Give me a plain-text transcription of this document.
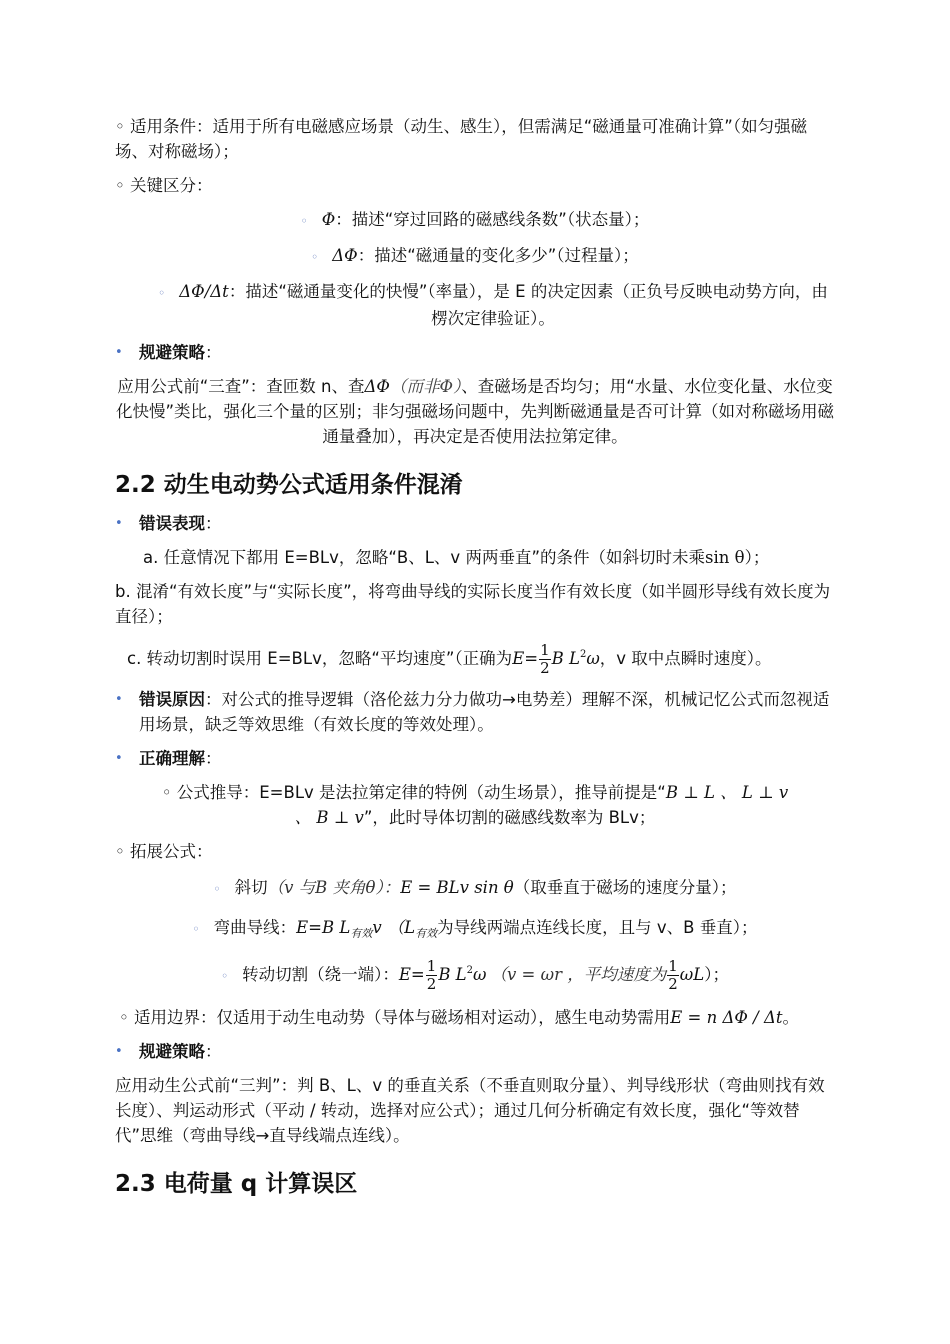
◦ 适用条件：适用于所有电磁感应场景（动生、感生），但需满足“磁通量可准确计算”（如匀强磁场、对称磁场）；

◦ 关键区分：

◦ Φ：描述“穿过回路的磁感线条数”（状态量）；

◦ ΔΦ：描述“磁通量的变化多少”（过程量）；

◦ ΔΦ/Δt：描述“磁通量变化的快慢”（率量），是 E 的决定因素（正负号反映电动势方向，由楞次定律验证）。

• 规避策略：

应用公式前“三查”：查匝数 n、查ΔΦ（而非Φ）、查磁场是否均匀；用“水量、水位变化量、水位变化快慢”类比，强化三个量的区别；非匀强磁场问题中，先判断磁通量是否可计算（如对称磁场用磁通量叠加），再决定是否使用法拉第定律。

2.2 动生电动势公式适用条件混淆

• 错误表现：

a. 任意情况下都用 E=BLv，忽略“B、L、v 两两垂直”的条件（如斜切时未乘sin θ）；

b. 混淆“有效长度”与“实际长度”，将弯曲导线的实际长度当作有效长度（如半圆形导线有效长度为直径）；

c. 转动切割时误用 E=BLv，忽略“平均速度”（正确为$E= \frac{1}{2}$ B $L^2\omega$，v 取中点瞬时速度）。

• 错误原因：对公式的推导逻辑（洛伦兹力分力做功→电势差）理解不深，机械记忆公式而忽视适用场景，缺乏等效思维（有效长度的等效处理）。

• 正确理解：

◦ 公式推导：E=BLv 是法拉第定律的特例（动生场景），推导前提是“B ⊥ L 、 L ⊥ v 、 B ⊥ v”，此时导体切割的磁感线数率为 BLv；

◦ 拓展公式：

◦ 斜切（v 与B 夹角θ）：E = BLv sin θ（取垂直于磁场的速度分量）；

◦ 弯曲导线：E=B $L_{有效}v$ （$L_{有效}$为导线两端点连线长度，且与 v、B 垂直）；

◦ 转动切割（绕一端）：$E= \frac{1}{2}$ B $L^2\omega$ （v = ωr ，平均速度为 $\frac{1}{2} \omega L$）；

◦ 适用边界：仅适用于动生电动势（导体与磁场相对运动），感生电动势需用E = n ΔΦ / Δt。

• 规避策略：

应用动生公式前“三判”：判 B、L、v 的垂直关系（不垂直则取分量）、判导线形状（弯曲则找有效长度）、判运动形式（平动 / 转动，选择对应公式）；通过几何分析确定有效长度，强化“等效替代”思维（弯曲导线→直导线端点连线）。

2.3 电荷量 q 计算误区
